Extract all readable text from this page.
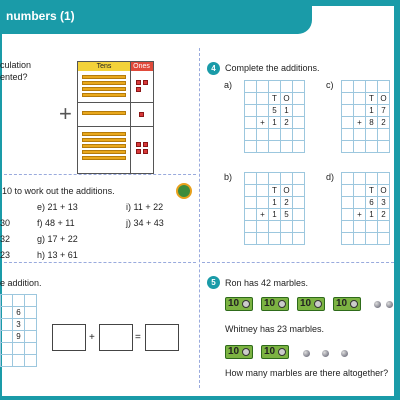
numbers (1)
culation
ented?
+
Tens	Ones
10 to work out the additions.
30
32
23
e) 21 + 13
f) 48 + 11
g) 17 + 22
h) 13 + 61
i) 11 + 22
j) 34 + 43
e addition.

	6	
	3	
	9	

			+	=
4	Complete the additions.
a)

		T	O	
		5	1	
	+	1	2	

c)

		T	O
		1	7
	+	8	2

b)

		T	O	
		1	2	
	+	1	5	

d)

		T	O
		6	3
	+	1	2

5	Ron has 42 marbles.
10	10	10	10
Whitney has 23 marbles.
10	10
How many marbles are there altogether?
